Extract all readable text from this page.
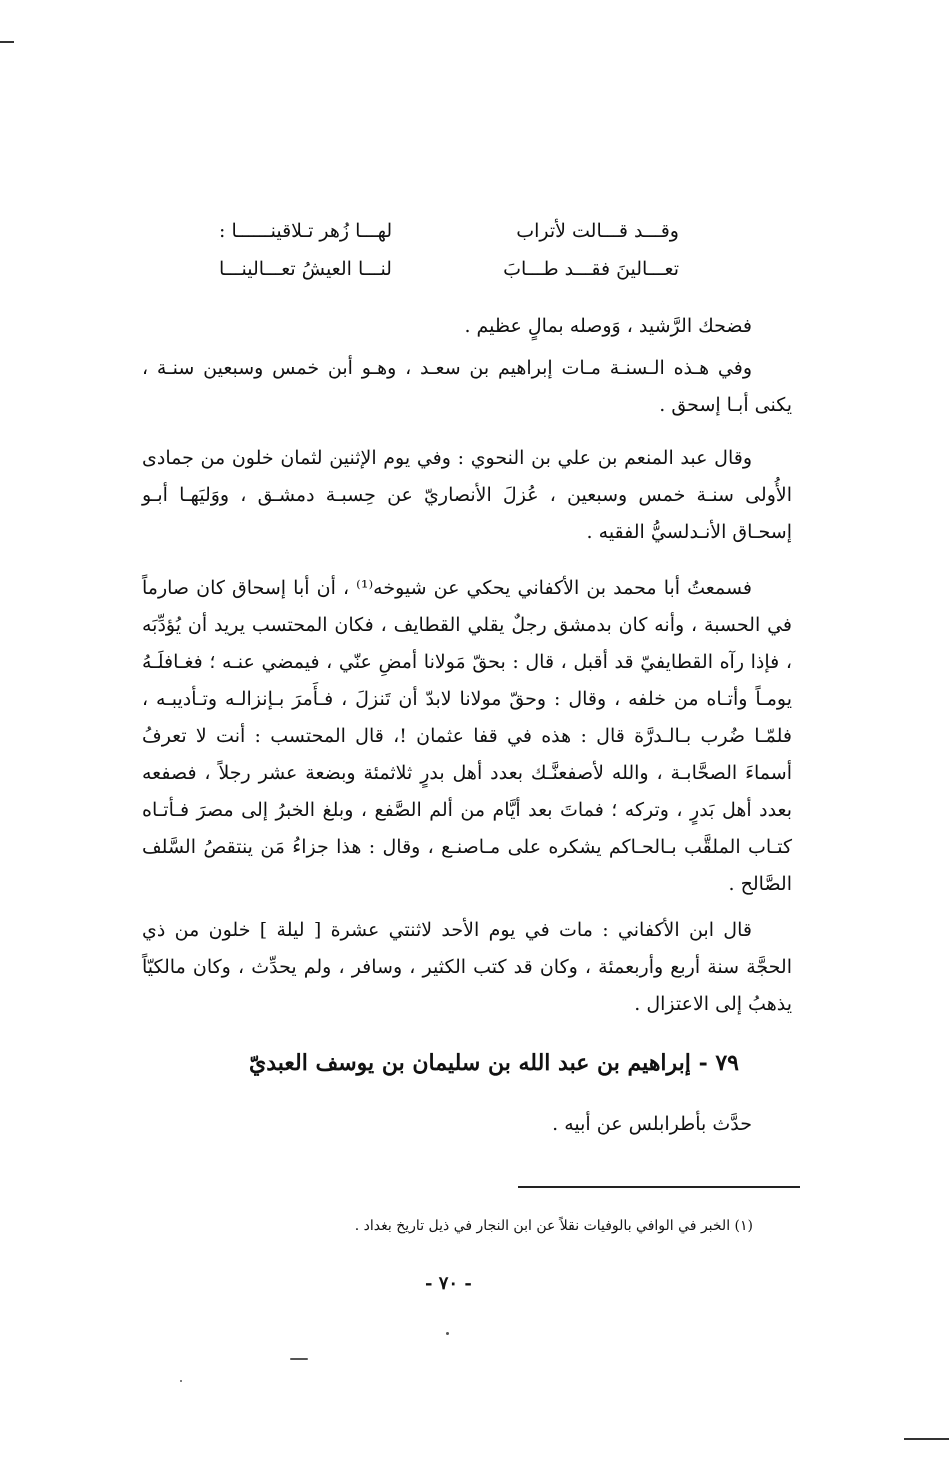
وقـــد قـــالت لأتراب
لهـــا زُهر تـلاقينــــــا :
تعـــالينَ فقـــد طـــابَ
لنـــا العيشُ تعـــالينـــا
فضحك الرَّشيد ، وَوصله بمالٍ عظيم .
وفي هـذه الـسنـة مـات إبراهيم بن سعـد ، وهـو أبن خمس وسبعين سنـة ، يكنى أبـا إسحق .
وقال عبد المنعم بن علي بن النحوي : وفي يوم الإثنين لثمان خلون من جمادى الأُولى سنـة خمس وسبعين ، عُزلَ الأنصاريّ عن حِسبـة دمشـق ، ووَليَهـا أبـو إسحـاق الأنـدلسيُّ الفقيه .
فسمعتُ أبا محمد بن الأكفاني يحكي عن شيوخه⁽¹⁾ ، أن أبا إسحاق كان صارماً في الحسبة ، وأنه كان بدمشق رجلٌ يقلي القطايف ، فكان المحتسب يريد أن يُؤدِّبَه ، فإذا رآه القطايفيّ قد أقبل ، قال : بحقّ مَولانا أمضِ عنّي ، فيمضي عنـه ؛ فغـافلَـهُ يومـاً وأتـاه من خلفه ، وقال : وحقّ مولانا لابدّ أن تَنزلَ ، فـأَمرَ بـإنزالـه وتـأديبـه ، فلمّـا ضُرب بـالـدرَّة قال : هذه في قفا عثمان !، قال المحتسب : أنت لا تعرفُ أسماءَ الصحَّابـة ، والله لأصفعنَّـك بعدد أهل بدرٍ ثلاثمئة وبضعة عشر رجلاً ، فصفعه بعدد أهل بَدرٍ ، وتركه ؛ فماتَ بعد أيَّام من ألم الصَّفع ، وبلغ الخبرُ إلى مصرَ فـأتـاه كتـاب الملقَّب بـالحـاكم يشكره على مـاصنـع ، وقال : هذا جزاءُ مَن ينتقصُ السَّلف الصَّالح .
قال ابن الأكفاني : مات في يوم الأحد لاثنتي عشرة [ ليلة ] خلون من ذي الحجَّة سنة أربع وأربعمئة ، وكان قد كتب الكثير ، وسافر ، ولم يحدِّث ، وكان مالكيّاً يذهبُ إلى الاعتزال .
٧٩ - إبراهيم بن عبد الله بن سليمان بن يوسف العبديّ
حدَّث بأطرابلس عن أبيه .
(١) الخبر في الوافي بالوفيات نقلاً عن ابن النجار في ذيل تاريخ بغداد .
- ٧٠ -
